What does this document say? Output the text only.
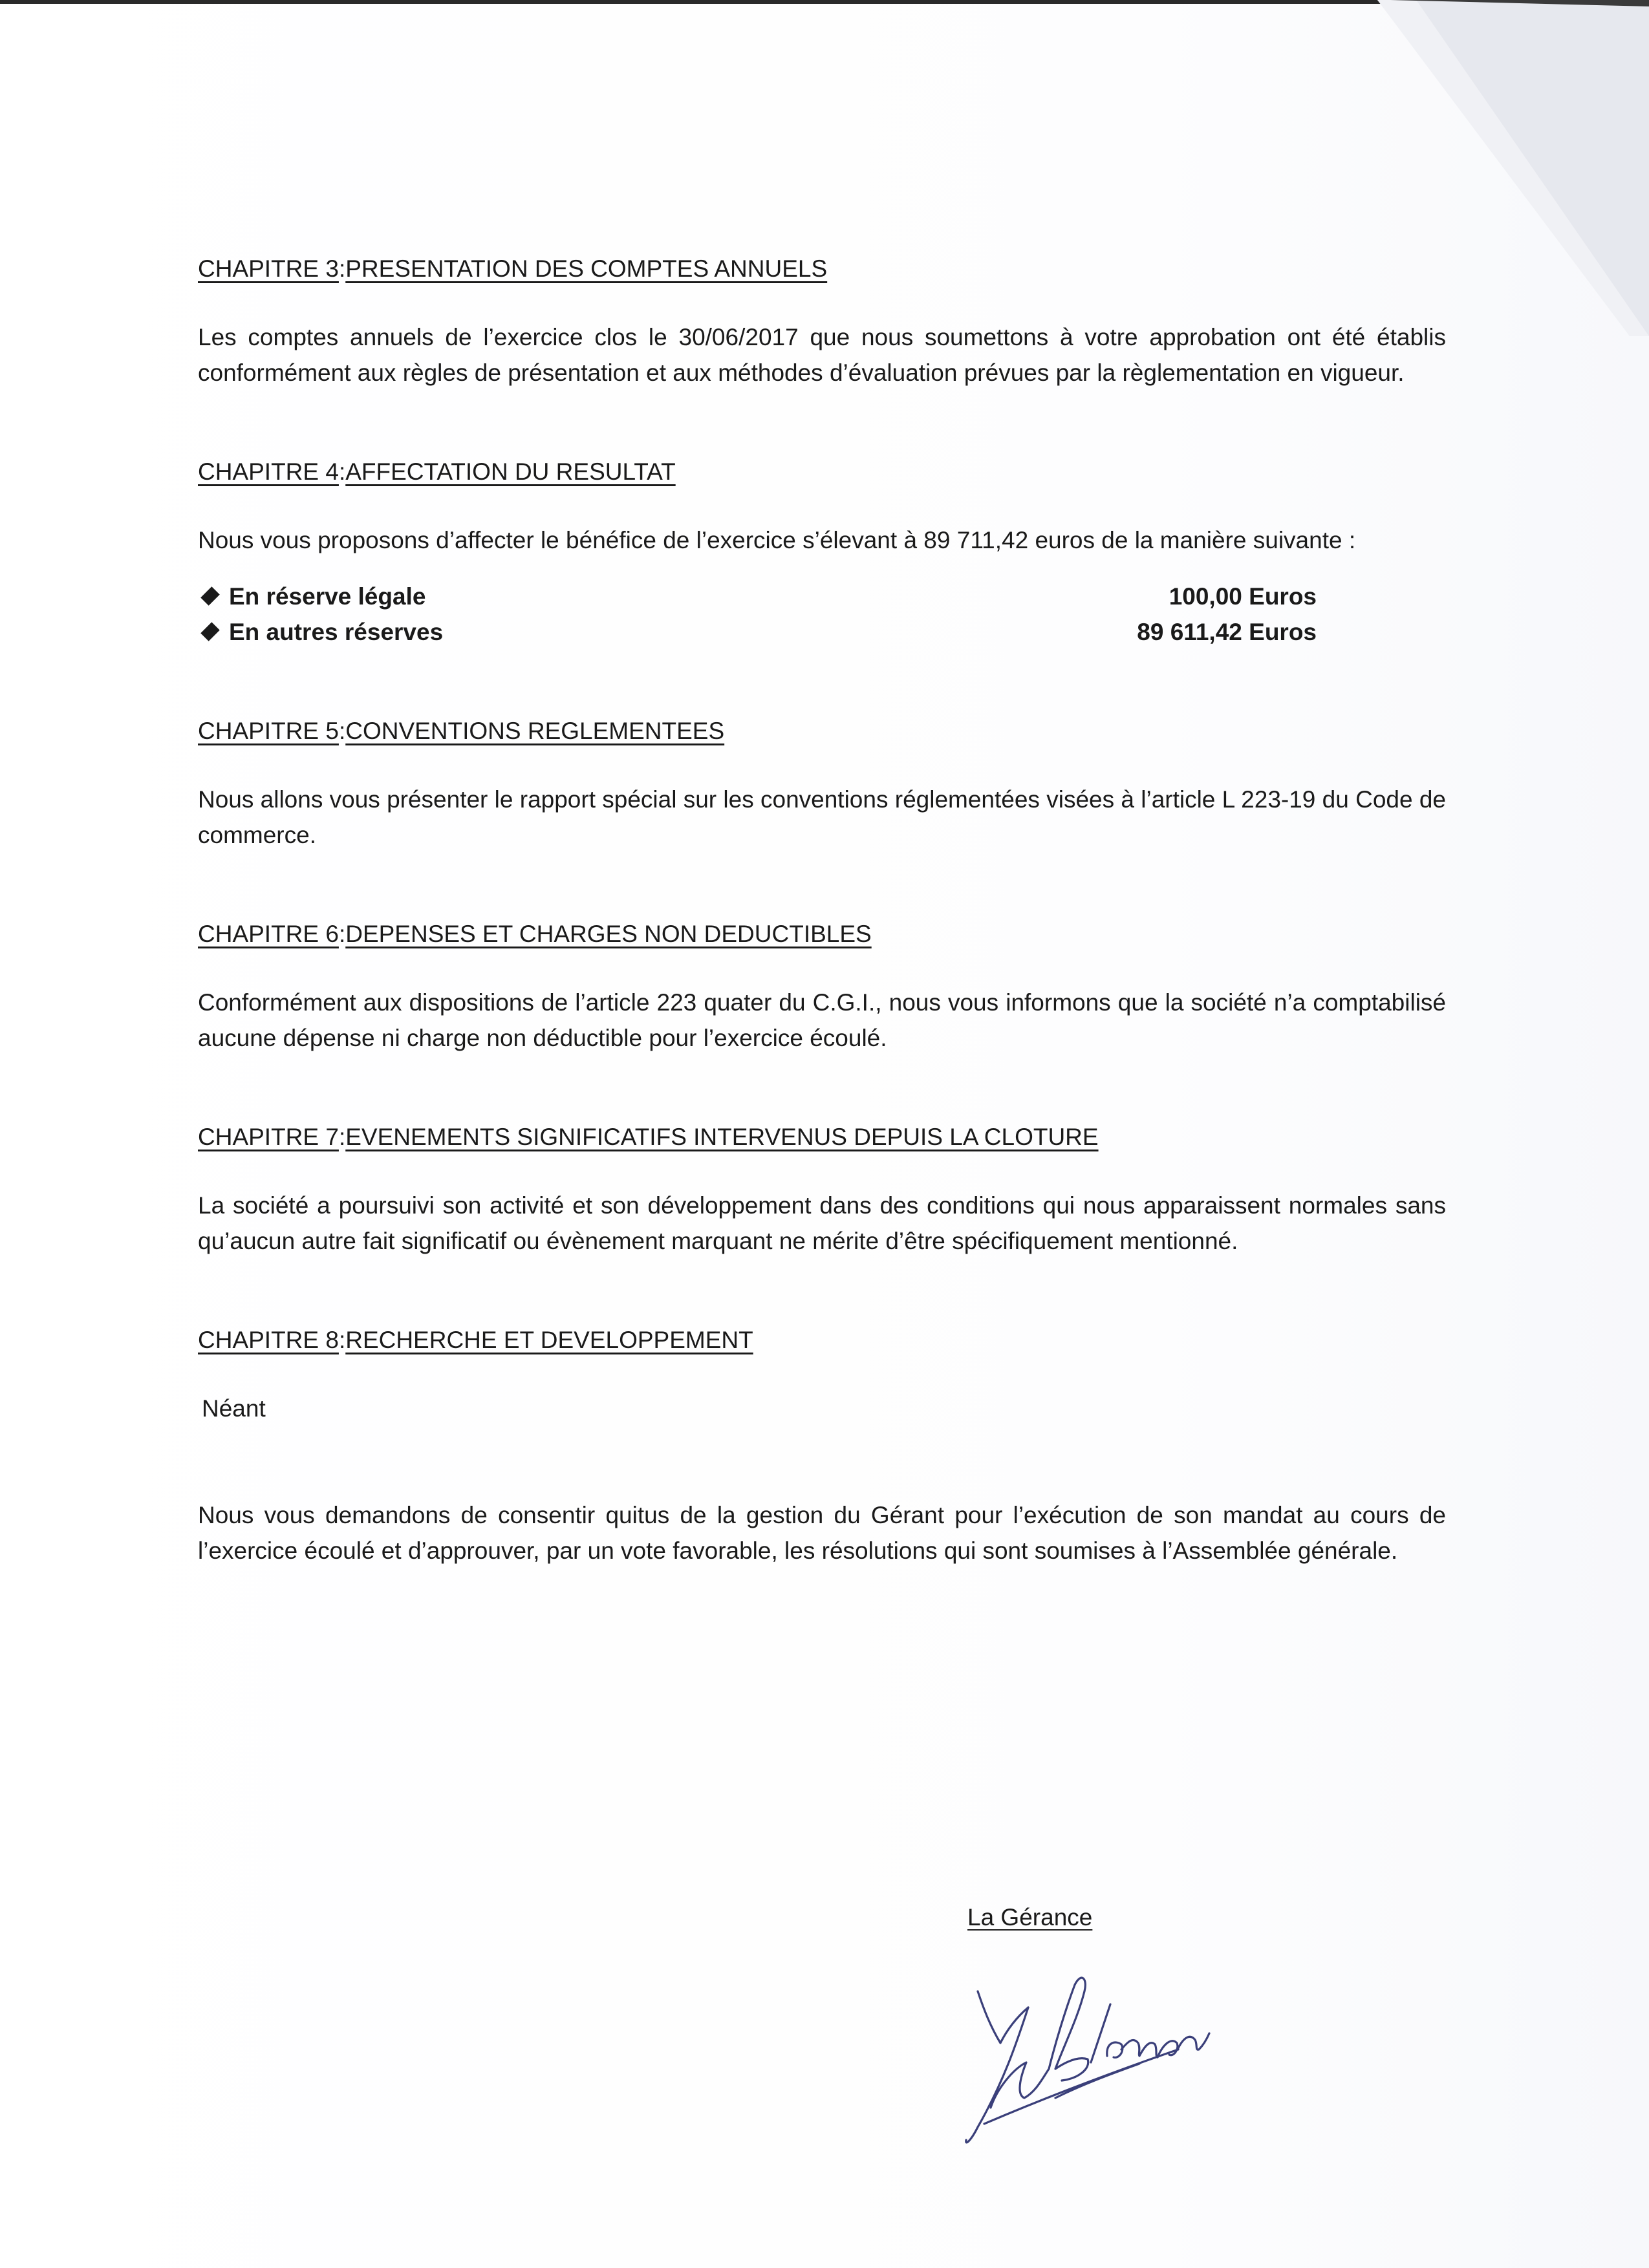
CHAPITRE 3:PRESENTATION DES COMPTES ANNUELS

Les comptes annuels de l’exercice clos le 30/06/2017 que nous soumettons à votre approbation ont été établis conformément aux règles de présentation et aux méthodes d’évaluation prévues par la règlementation en vigueur.

CHAPITRE 4:AFFECTATION DU RESULTAT

Nous vous proposons d’affecter le bénéfice de l’exercice s’élevant à 89 711,42 euros de la manière suivante :

En réserve légale	100,00 Euros
En autres réserves	89 611,42 Euros
CHAPITRE 5:CONVENTIONS REGLEMENTEES

Nous allons vous présenter le rapport spécial sur les conventions réglementées visées à l’article L 223-19 du Code de commerce.

CHAPITRE 6:DEPENSES ET CHARGES NON DEDUCTIBLES

Conformément aux dispositions de l’article 223 quater du C.G.I., nous vous informons que la société n’a comptabilisé aucune dépense ni charge non déductible pour l’exercice écoulé.

CHAPITRE 7:EVENEMENTS SIGNIFICATIFS INTERVENUS DEPUIS LA CLOTURE

La société a poursuivi son activité et son développement dans des conditions qui nous apparaissent normales sans qu’aucun autre fait significatif ou évènement marquant ne mérite d’être spécifiquement mentionné.

CHAPITRE 8:RECHERCHE ET DEVELOPPEMENT

Néant

Nous vous demandons de consentir quitus de la gestion du Gérant pour l’exécution de son mandat au cours de l’exercice écoulé et d’approuver, par un vote favorable, les résolutions qui sont soumises à l’Assemblée générale.

La Gérance
